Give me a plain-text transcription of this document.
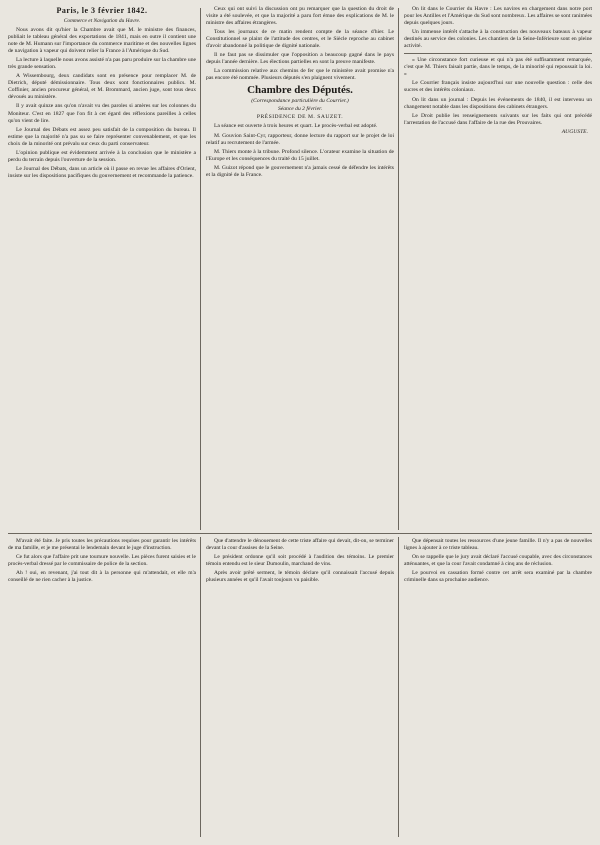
Paris, le 3 février 1842.
Commerce et Navigation du Havre.

Nous avons dit qu'hier la Chambre avait que M. le ministre des finances, publiait le tableau général des exportations de 1841, mais en outre il contient une note de M. Humann sur l'importance du commerce maritime et des nouvelles lignes de navigation à vapeur qui doivent relier la France à l'Amérique du Sud.

La lecture à laquelle nous avons assisté n'a pas paru produire sur la chambre une très grande sensation.

A Wissembourg, deux candidats sont en présence pour remplacer M. de Dietrich, député démissionnaire. Tous deux sont fonctionnaires publics. M. Coffinier, ancien procureur général, et M. Brommard, ancien juge, sont tous deux dévoués au ministère.

Il y avait quinze ans qu'on n'avait vu des paroles si amères sur les colonnes du Moniteur. C'est en 1827 que l'on fit à cet égard des réflexions pareilles à celles qu'on vient de lire.

Le Journal des Débats est assez peu satisfait de la composition du bureau. Il estime que la majorité n'a pas su se faire représenter convenablement, et que les choix de la minorité ont prévalu sur ceux du parti conservateur.

L'opinion publique est évidemment arrivée à la conclusion que le ministère a perdu du terrain depuis l'ouverture de la session.

Le Journal des Débats, dans un article où il passe en revue les affaires d'Orient, insiste sur les dispositions pacifiques du gouvernement et recommande la patience.

Ceux qui ont suivi la discussion ont pu remarquer que la question du droit de visite a été soulevée, et que la majorité a paru fort émue des explications de M. le ministre des affaires étrangères.

Tous les journaux de ce matin rendent compte de la séance d'hier. Le Constitutionnel se plaint de l'attitude des centres, et le Siècle reproche au cabinet d'avoir abandonné la politique de dignité nationale.

Il ne faut pas se dissimuler que l'opposition a beaucoup gagné dans le pays depuis l'année dernière. Les élections partielles en sont la preuve manifeste.

La commission relative aux chemins de fer que le ministère avait promise n'a pas encore été nommée. Plusieurs députés s'en plaignent vivement.

Chambre des Députés.
(Correspondance particulière du Courrier.)
Séance du 2 février.
PRÉSIDENCE DE M. SAUZET.

La séance est ouverte à trois heures et quart. Le procès-verbal est adopté.

M. Gouvion Saint-Cyr, rapporteur, donne lecture du rapport sur le projet de loi relatif au recrutement de l'armée.

M. Thiers monte à la tribune. Profond silence. L'orateur examine la situation de l'Europe et les conséquences du traité du 15 juillet.

M. Guizot répond que le gouvernement n'a jamais cessé de défendre les intérêts et la dignité de la France.

On lit dans le Courrier du Havre : Les navires en chargement dans notre port pour les Antilles et l'Amérique du Sud sont nombreux. Les affaires se sont ranimées depuis quelques jours.

Un immense intérêt s'attache à la construction des nouveaux bateaux à vapeur destinés au service des colonies. Les chantiers de la Seine-Inférieure sont en pleine activité.

« Une circonstance fort curieuse et qui n'a pas été suffisamment remarquée, c'est que M. Thiers faisait partie, dans le temps, de la minorité qui repoussait la loi. »

Le Courrier français insiste aujourd'hui sur une nouvelle question : celle des sucres et des intérêts coloniaux.

On lit dans un journal : Depuis les événements de 1840, il est intervenu un changement notable dans les dispositions des cabinets étrangers.

Le Droit publie les renseignements suivants sur les faits qui ont précédé l'arrestation de l'accusé dans l'affaire de la rue des Prouvaires.

AUGUSTE.

M'avait été faite. Je pris toutes les précautions requises pour garantir les intérêts de ma famille, et je me présentai le lendemain devant le juge d'instruction.

Ce fut alors que l'affaire prit une tournure nouvelle. Les pièces furent saisies et le procès-verbal dressé par le commissaire de police de la section.

Ah ! oui, en revenant, j'ai tout dit à la personne qui m'attendait, et elle m'a conseillé de ne rien cacher à la justice.

Que d'attendre le dénouement de cette triste affaire qui devait, dit-on, se terminer devant la cour d'assises de la Seine.

Le président ordonne qu'il soit procédé à l'audition des témoins. Le premier témoin entendu est le sieur Dumoulin, marchand de vins.

Après avoir prêté serment, le témoin déclare qu'il connaissait l'accusé depuis plusieurs années et qu'il l'avait toujours vu paisible.

Que dépensait toutes les ressources d'une jeune famille. Il n'y a pas de nouvelles lignes à ajouter à ce triste tableau.

On se rappelle que le jury avait déclaré l'accusé coupable, avec des circonstances atténuantes, et que la cour l'avait condamné à cinq ans de réclusion.

Le pourvoi en cassation formé contre cet arrêt sera examiné par la chambre criminelle dans sa prochaine audience.
